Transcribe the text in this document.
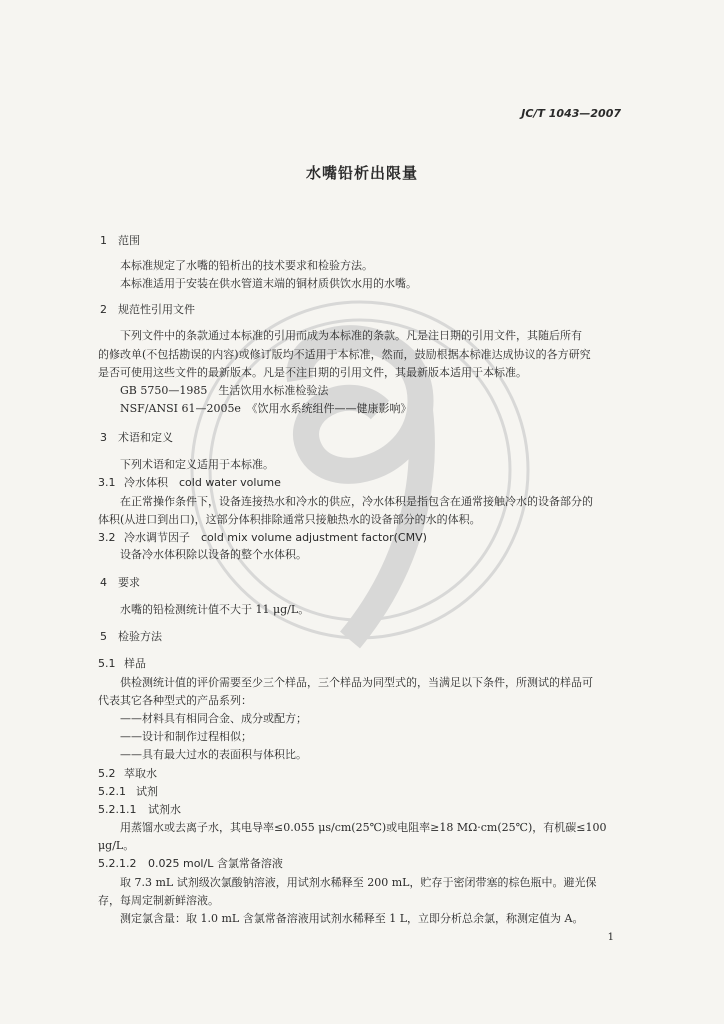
JC/T 1043—2007
水嘴铅析出限量
1 范围
本标准规定了水嘴的铅析出的技术要求和检验方法。
本标准适用于安装在供水管道末端的铜材质供饮水用的水嘴。
2 规范性引用文件
下列文件中的条款通过本标准的引用而成为本标准的条款。凡是注日期的引用文件，其随后所有
的修改单(不包括勘误的内容)或修订版均不适用于本标准，然而，鼓励根据本标准达成协议的各方研究
是否可使用这些文件的最新版本。凡是不注日期的引用文件，其最新版本适用于本标准。
GB 5750—1985　生活饮用水标准检验法
NSF/ANSI 61—2005e　《饮用水系统组件——健康影响》
3 术语和定义
下列术语和定义适用于本标准。
3.1 冷水体积　cold water volume
在正常操作条件下，设备连接热水和冷水的供应，冷水体积是指包含在通常接触冷水的设备部分的
体积(从进口到出口)，这部分体积排除通常只接触热水的设备部分的水的体积。
3.2 冷水调节因子　cold mix volume adjustment factor(CMV)
设备冷水体积除以设备的整个水体积。
4 要求
水嘴的铅检测统计值不大于 11 μg/L。
5 检验方法
5.1 样品
供检测统计值的评价需要至少三个样品，三个样品为同型式的，当满足以下条件，所测试的样品可
代表其它各种型式的产品系列：
——材料具有相同合金、成分或配方；
——设计和制作过程相似；
——具有最大过水的表面积与体积比。
5.2 萃取水
5.2.1 试剂
5.2.1.1 试剂水
用蒸馏水或去离子水，其电导率≤0.055 μs/cm(25℃)或电阻率≥18 MΩ·cm(25℃)，有机碳≤100
μg/L。
5.2.1.2 0.025 mol/L 含氯常备溶液
取 7.3 mL 试剂级次氯酸钠溶液，用试剂水稀释至 200 mL，贮存于密闭带塞的棕色瓶中。避光保
存，每周定制新鲜溶液。
测定氯含量：取 1.0 mL 含氯常备溶液用试剂水稀释至 1 L，立即分析总余氯，称测定值为 A。
1
